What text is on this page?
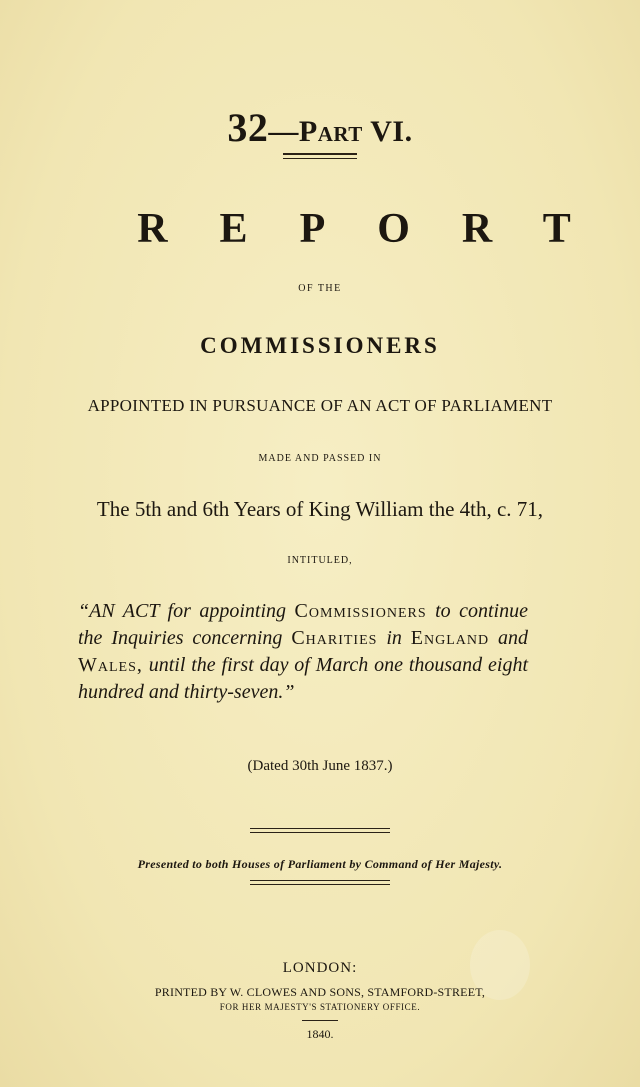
32—Part VI.
REPORT
OF THE
COMMISSIONERS
APPOINTED IN PURSUANCE OF AN ACT OF PARLIAMENT
MADE AND PASSED IN
The 5th and 6th Years of King William the 4th, c. 71,
INTITULED,
“AN ACT for appointing Commissioners to continue the Inquiries concerning Charities in England and Wales, until the first day of March one thousand eight hundred and thirty-seven.”
(Dated 30th June 1837.)
Presented to both Houses of Parliament by Command of Her Majesty.
LONDON:
PRINTED BY W. CLOWES AND SONS, STAMFORD-STREET,
FOR HER MAJESTY'S STATIONERY OFFICE.
1840.
